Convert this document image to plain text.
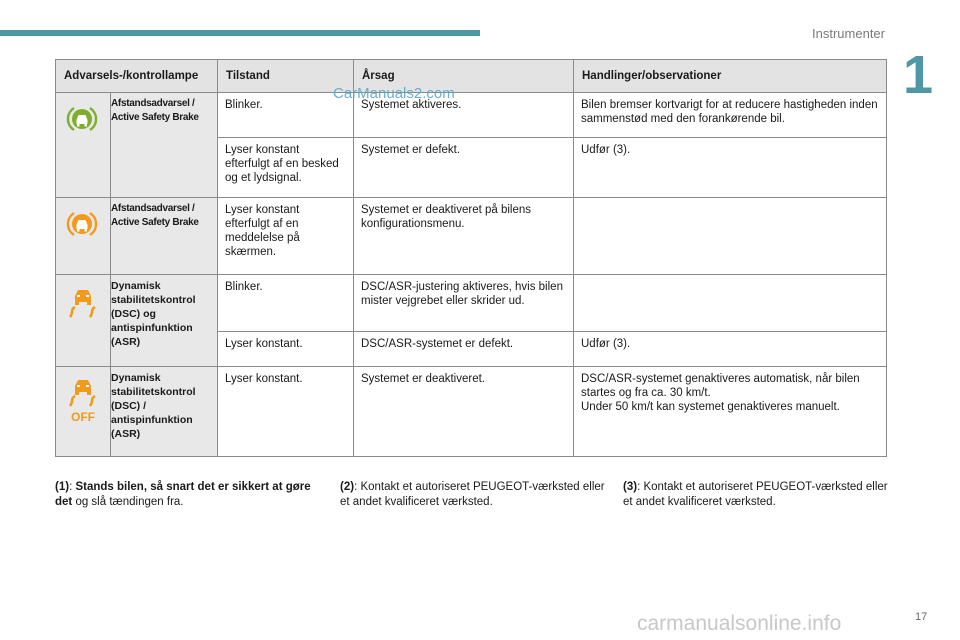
Instrumenter
1
Advarsels-/kontrollampe		Tilstand	Årsag	Handlinger/observationer

	Afstandsadvarsel / Active Safety Brake	Blinker.	Systemet aktiveres.	Bilen bremser kortvarigt for at reducere hastigheden inden sammenstød med den forankørende bil.
		Lyser konstant efterfulgt af en besked og et lydsignal.	Systemet er defekt.	Udfør (3).

	Afstandsadvarsel / Active Safety Brake	Lyser konstant efterfulgt af en meddelelse på skærmen.	Systemet er deaktiveret på bilens konfigurationsmenu.	

	Dynamisk stabilitetskontrol (DSC) og antispinfunktion (ASR)	Blinker.	DSC/ASR-justering aktiveres, hvis bilen mister vejgrebet eller skrider ud.	
		Lyser konstant.	DSC/ASR-systemet er defekt.	Udfør (3).

OFF	Dynamisk stabilitetskontrol (DSC) / antispinfunktion (ASR)	Lyser konstant.	Systemet er deaktiveret.	DSC/ASR-systemet genaktiveres automatisk, når bilen startes og fra ca. 30 km/t.
Under 50 km/t kan systemet genaktiveres manuelt.
(1): Stands bilen, så snart det er sikkert at gøre det og slå tændingen fra.
(2): Kontakt et autoriseret PEUGEOT-værksted eller et andet kvalificeret værksted.
(3): Kontakt et autoriseret PEUGEOT-værksted eller et andet kvalificeret værksted.
CarManuals2.com
17
carmanualsonline.info
